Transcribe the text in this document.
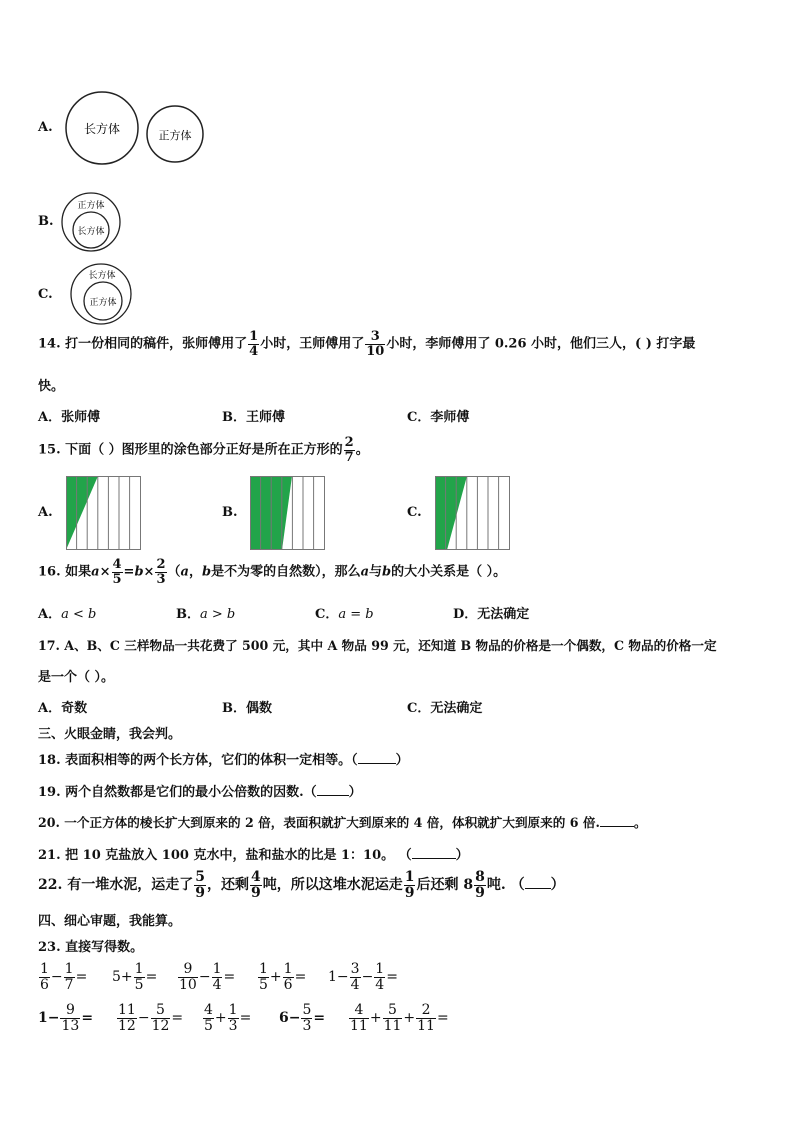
A.	长方体	正方体
B.
正方体
长方体
C.
长方体
正方体
14. 打一份相同的稿件，张师傅用了 $\frac{1}{4}$ 小时，王师傅用了 $\frac{3}{10}$ 小时，李师傅用了 0.26 小时，他们三人，( ) 打字最
快。
A．张师傅	B．王师傅	C．李师傅
15. 下面（ ）图形里的涂色部分正好是所在正方形的 $\frac{2}{7}$ 。
A.	B.	C.
16. 如果$a\times \frac{4}{5} =b\times \frac{2}{3} (a$，b是不为零的自然数），那么a与b的大小关系是（ ）。
A．a < b	B．a > b	C．a = b	D．无法确定
17. A、B、C 三样物品一共花费了 500 元，其中 A 物品 99 元，还知道 B 物品的价格是一个偶数，C 物品的价格一定
是一个（ ）。
A．奇数	B．偶数	C．无法确定
三、火眼金睛，我会判。
18. 表面积相等的两个长方体，它们的体积一定相等。（	）
19. 两个自然数都是它们的最小公倍数的因数.（ ）
20. 一个正方体的棱长扩大到原来的 2 倍，表面积就扩大到原来的 4 倍，体积就扩大到原来的 6 倍.	。
21. 把 10 克盐放入 100 克水中，盐和盐水的比是 1：10。 （	）
22. 有一堆水泥，运走了 $\frac{5}{9}$ ，还剩 $\frac{4}{9}$ 吨，所以这堆水泥运走 $\frac{1}{9}$ 后还剩 $8 \frac{8}{9}$ 吨. （ ）
四、细心审题，我能算。
23. 直接写得数。
$\frac{1}{6} - \frac{1}{7} = 5+ \frac{1}{5} = \frac{9}{10} - \frac{1}{4} = \frac{1}{5} + \frac{1}{6} = 1- \frac{3}{4} - \frac{1}{4}$ =
$1- \frac{9}{13} = \frac{11}{12} - \frac{5}{12} = \frac{4}{5} + \frac{1}{3} = 6- \frac{5}{3} = \frac{4}{11} + \frac{5}{11} + \frac{2}{11}$ =
